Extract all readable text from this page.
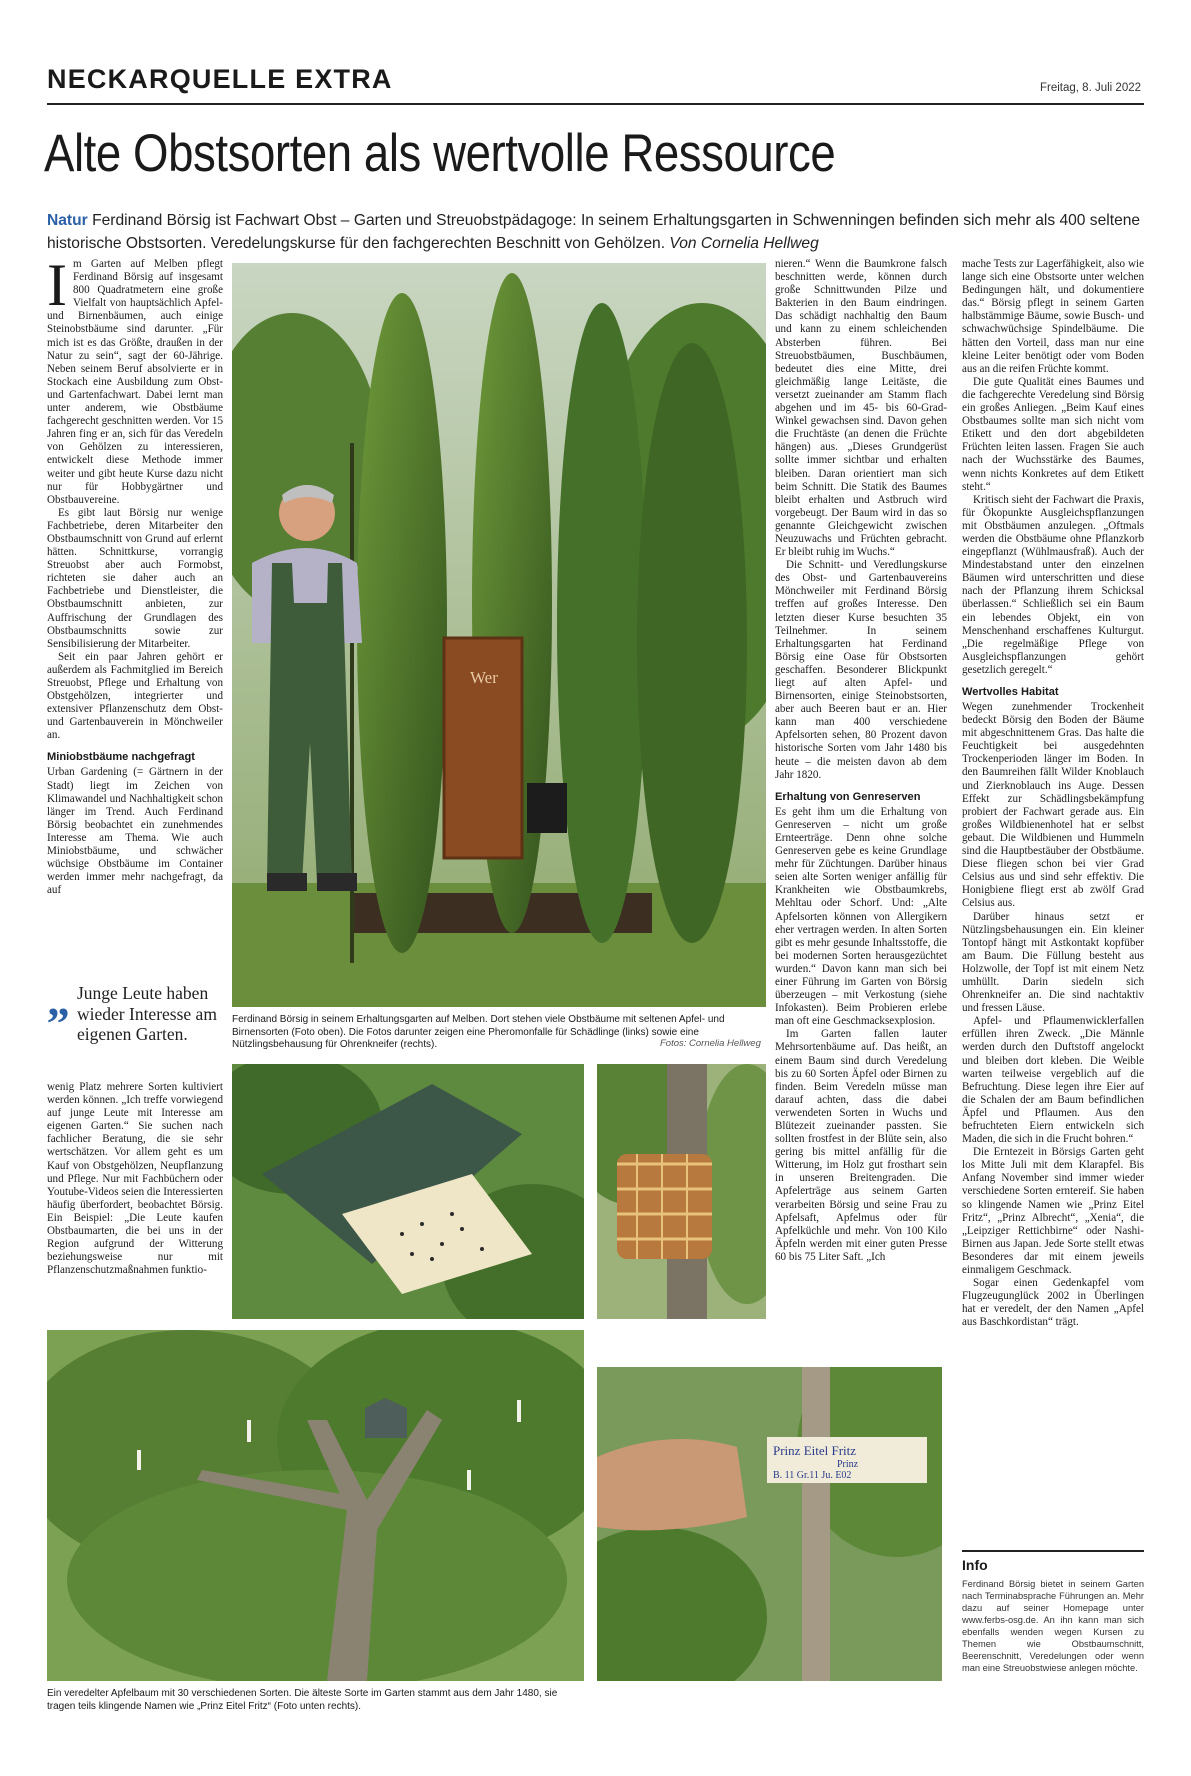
NECKARQUELLE EXTRA	Freitag, 8. Juli 2022
Alte Obstsorten als wertvolle Ressource
Natur Ferdinand Börsig ist Fachwart Obst – Garten und Streuobstpädagoge: In seinem Erhaltungsgarten in Schwenningen befinden sich mehr als 400 seltene historische Obstsorten. Veredelungskurse für den fachgerechten Beschnitt von Gehölzen. Von Cornelia Hellweg
I m Garten auf Melben pflegt Ferdinand Börsig auf insgesamt 800 Quadratmetern eine große Vielfalt von hauptsächlich Apfel- und Birnenbäumen, auch einige Steinobstbäume sind darunter. „Für mich ist es das Größte, draußen in der Natur zu sein“, sagt der 60-Jährige. Neben seinem Beruf absolvierte er in Stockach eine Ausbildung zum Obst- und Gartenfachwart. Dabei lernt man unter anderem, wie Obstbäume fachgerecht geschnitten werden. Vor 15 Jahren fing er an, sich für das Veredeln von Gehölzen zu interessieren, entwickelt diese Methode immer weiter und gibt heute Kurse dazu nicht nur für Hobbygärtner und Obstbauvereine.

Es gibt laut Börsig nur wenige Fachbetriebe, deren Mitarbeiter den Obstbaumschnitt von Grund auf erlernt hätten. Schnittkurse, vorrangig Streuobst aber auch Formobst, richteten sie daher auch an Fachbetriebe und Dienstleister, die Obstbaumschnitt anbieten, zur Auffrischung der Grundlagen des Obstbaumschnitts sowie zur Sensibilisierung der Mitarbeiter.

Seit ein paar Jahren gehört er außerdem als Fachmitglied im Bereich Streuobst, Pflege und Erhaltung von Obstgehölzen, integrierter und extensiver Pflanzenschutz dem Obst- und Gartenbauverein in Mönchweiler an.

Miniobstbäume nachgefragt

Urban Gardening (= Gärtnern in der Stadt) liegt im Zeichen von Klimawandel und Nachhaltigkeit schon länger im Trend. Auch Ferdinand Börsig beobachtet ein zunehmendes Interesse am Thema. Wie auch Miniobstbäume, und schwächer wüchsige Obstbäume im Container werden immer mehr nachgefragt, da auf

„ Junge Leute haben wieder Interesse am eigenen Garten.

wenig Platz mehrere Sorten kultiviert werden können. „Ich treffe vorwiegend auf junge Leute mit Interesse am eigenen Garten.“ Sie suchen nach fachlicher Beratung, die sie sehr wertschätzen. Vor allem geht es um Kauf von Obstgehölzen, Neupflanzung und Pflege. Nur mit Fachbüchern oder Youtube-Videos seien die Interessierten häufig überfordert, beobachtet Börsig. Ein Beispiel: „Die Leute kaufen Obstbaumarten, die bei uns in der Region aufgrund der Witterung beziehungsweise nur mit Pflanzenschutzmaßnahmen funktio-

Wer
Ferdinand Börsig in seinem Erhaltungsgarten auf Melben. Dort stehen viele Obstbäume mit seltenen Apfel- und Birnensorten (Foto oben). Die Fotos darunter zeigen eine Pheromonfalle für Schädlinge (links) sowie eine Nützlingsbehausung für Ohrenkneifer (rechts).	Fotos: Cornelia Hellweg
Ein veredelter Apfelbaum mit 30 verschiedenen Sorten. Die älteste Sorte im Garten stammt aus dem Jahr 1480, sie tragen teils klingende Namen wie „Prinz Eitel Fritz“ (Foto unten rechts).
Prinz Eitel Fritz
Prinz
B. 11 Gr.11 Ju. E02

nieren.“ Wenn die Baumkrone falsch beschnitten werde, können durch große Schnittwunden Pilze und Bakterien in den Baum eindringen. Das schädigt nachhaltig den Baum und kann zu einem schleichenden Absterben führen. Bei Streuobstbäumen, Buschbäumen, bedeutet dies eine Mitte, drei gleichmäßig lange Leitäste, die versetzt zueinander am Stamm flach abgehen und im 45- bis 60-Grad-Winkel gewachsen sind. Davon gehen die Fruchtäste (an denen die Früchte hängen) aus. „Dieses Grundgerüst sollte immer sichtbar und erhalten bleiben. Daran orientiert man sich beim Schnitt. Die Statik des Baumes bleibt erhalten und Astbruch wird vorgebeugt. Der Baum wird in das so genannte Gleichgewicht zwischen Neuzuwachs und Früchten gebracht. Er bleibt ruhig im Wuchs.“

Die Schnitt- und Veredlungskurse des Obst- und Gartenbauvereins Mönchweiler mit Ferdinand Börsig treffen auf großes Interesse. Den letzten dieser Kurse besuchten 35 Teilnehmer. In seinem Erhaltungsgarten hat Ferdinand Börsig eine Oase für Obstsorten geschaffen. Besonderer Blickpunkt liegt auf alten Apfel- und Birnensorten, einige Steinobstsorten, aber auch Beeren baut er an. Hier kann man 400 verschiedene Apfelsorten sehen, 80 Prozent davon historische Sorten vom Jahr 1480 bis heute – die meisten davon ab dem Jahr 1820.

Erhaltung von Genreserven

Es geht ihm um die Erhaltung von Genreserven – nicht um große Ernteerträge. Denn ohne solche Genreserven gebe es keine Grundlage mehr für Züchtungen. Darüber hinaus seien alte Sorten weniger anfällig für Krankheiten wie Obstbaumkrebs, Mehltau oder Schorf. Und: „Alte Apfelsorten können von Allergikern eher vertragen werden. In alten Sorten gibt es mehr gesunde Inhaltsstoffe, die bei modernen Sorten herausgezüchtet wurden.“ Davon kann man sich bei einer Führung im Garten von Börsig überzeugen – mit Verkostung (siehe Infokasten). Beim Probieren erlebe man oft eine Geschmacksexplosion.

Im Garten fallen lauter Mehrsortenbäume auf. Das heißt, an einem Baum sind durch Veredelung bis zu 60 Sorten Äpfel oder Birnen zu finden. Beim Veredeln müsse man darauf achten, dass die dabei verwendeten Sorten in Wuchs und Blütezeit zueinander passten. Sie sollten frostfest in der Blüte sein, also gering bis mittel anfällig für die Witterung, im Holz gut frosthart sein in unseren Breitengraden. Die Apfelerträge aus seinem Garten verarbeiten Börsig und seine Frau zu Apfelsaft, Apfelmus oder für Apfelküchle und mehr. Von 100 Kilo Äpfeln werden mit einer guten Presse 60 bis 75 Liter Saft. „Ich

mache Tests zur Lagerfähigkeit, also wie lange sich eine Obstsorte unter welchen Bedingungen hält, und dokumentiere das.“ Börsig pflegt in seinem Garten halbstämmige Bäume, sowie Busch- und schwachwüchsige Spindelbäume. Die hätten den Vorteil, dass man nur eine kleine Leiter benötigt oder vom Boden aus an die reifen Früchte kommt.

Die gute Qualität eines Baumes und die fachgerechte Veredelung sind Börsig ein großes Anliegen. „Beim Kauf eines Obstbaumes sollte man sich nicht vom Etikett und den dort abgebildeten Früchten leiten lassen. Fragen Sie auch nach der Wuchsstärke des Baumes, wenn nichts Konkretes auf dem Etikett steht.“

Kritisch sieht der Fachwart die Praxis, für Ökopunkte Ausgleichspflanzungen mit Obstbäumen anzulegen. „Oftmals werden die Obstbäume ohne Pflanzkorb eingepflanzt (Wühlmausfraß). Auch der Mindestabstand unter den einzelnen Bäumen wird unterschritten und diese nach der Pflanzung ihrem Schicksal überlassen.“ Schließlich sei ein Baum ein lebendes Objekt, ein von Menschenhand erschaffenes Kulturgut. „Die regelmäßige Pflege von Ausgleichspflanzungen gehört gesetzlich geregelt.“

Wertvolles Habitat

Wegen zunehmender Trockenheit bedeckt Börsig den Boden der Bäume mit abgeschnittenem Gras. Das halte die Feuchtigkeit bei ausgedehnten Trockenperioden länger im Boden. In den Baumreihen fällt Wilder Knoblauch und Zierknoblauch ins Auge. Dessen Effekt zur Schädlingsbekämpfung probiert der Fachwart gerade aus. Ein großes Wildbienenhotel hat er selbst gebaut. Die Wildbienen und Hummeln sind die Hauptbestäuber der Obstbäume. Diese fliegen schon bei vier Grad Celsius aus und sind sehr effektiv. Die Honigbiene fliegt erst ab zwölf Grad Celsius aus.

Darüber hinaus setzt er Nützlingsbehausungen ein. Ein kleiner Tontopf hängt mit Astkontakt kopfüber am Baum. Die Füllung besteht aus Holzwolle, der Topf ist mit einem Netz umhüllt. Darin siedeln sich Ohrenkneifer an. Die sind nachtaktiv und fressen Läuse.

Apfel- und Pflaumenwicklerfallen erfüllen ihren Zweck. „Die Männle werden durch den Duftstoff angelockt und bleiben dort kleben. Die Weible warten teilweise vergeblich auf die Befruchtung. Diese legen ihre Eier auf die Schalen der am Baum befindlichen Äpfel und Pflaumen. Aus den befruchteten Eiern entwickeln sich Maden, die sich in die Frucht bohren.“

Die Erntezeit in Börsigs Garten geht los Mitte Juli mit dem Klarapfel. Bis Anfang November sind immer wieder verschiedene Sorten erntereif. Sie haben so klingende Namen wie „Prinz Eitel Fritz“, „Prinz Albrecht“, „Xenia“, die „Leipziger Rettichbirne“ oder Nashi-Birnen aus Japan. Jede Sorte stellt etwas Besonderes dar mit einem jeweils einmaligem Geschmack.

Sogar einen Gedenkapfel vom Flugzeugunglück 2002 in Überlingen hat er veredelt, der den Namen „Apfel aus Baschkordistan“ trägt.

Info
Ferdinand Börsig bietet in seinem Garten nach Terminabsprache Führungen an. Mehr dazu auf seiner Homepage unter www.ferbs-osg.de. An ihn kann man sich ebenfalls wenden wegen Kursen zu Themen wie Obstbaumschnitt, Beerenschnitt, Veredelungen oder wenn man eine Streuobstwiese anlegen möchte.
